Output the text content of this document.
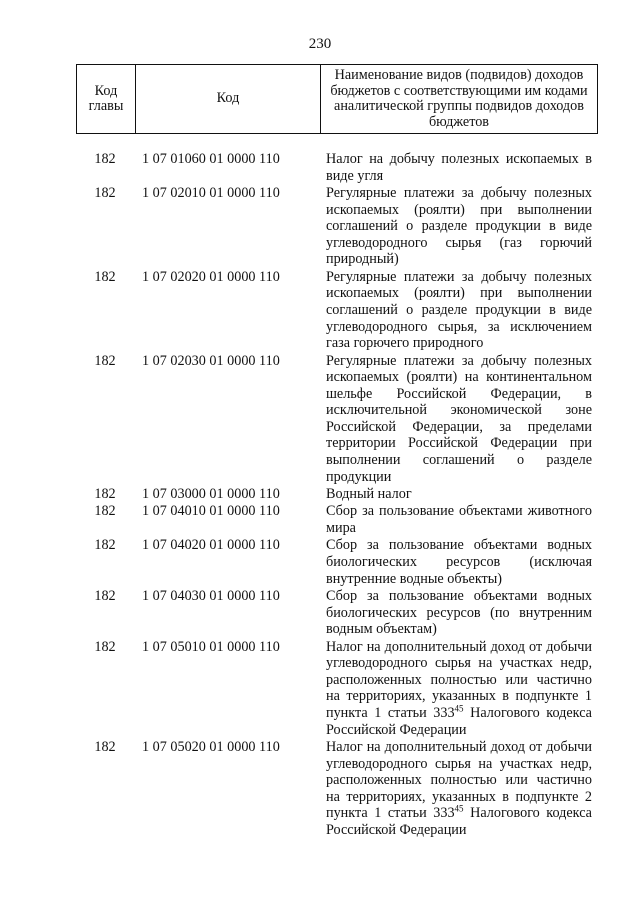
230
Код главы	Код	Наименование видов (подвидов) доходов бюджетов с соответствующими им кодами аналитической группы подвидов доходов бюджетов
182	1 07 01060 01 0000 110	Налог на добычу полезных ископаемых в виде угля
182	1 07 02010 01 0000 110	Регулярные платежи за добычу полезных ископаемых (роялти) при выполнении соглашений о разделе продукции в виде углеводородного сырья (газ горючий природный)
182	1 07 02020 01 0000 110	Регулярные платежи за добычу полезных ископаемых (роялти) при выполнении соглашений о разделе продукции в виде углеводородного сырья, за исключением газа горючего природного
182	1 07 02030 01 0000 110	Регулярные платежи за добычу полезных ископаемых (роялти) на континентальном шельфе Российской Федерации, в исключительной экономической зоне Российской Федерации, за пределами территории Российской Федерации при выполнении соглашений о разделе продукции
182	1 07 03000 01 0000 110	Водный налог
182	1 07 04010 01 0000 110	Сбор за пользование объектами животного мира
182	1 07 04020 01 0000 110	Сбор за пользование объектами водных биологических ресурсов (исключая внутренние водные объекты)
182	1 07 04030 01 0000 110	Сбор за пользование объектами водных биологических ресурсов (по внутренним водным объектам)
182	1 07 05010 01 0000 110	Налог на дополнительный доход от добычи углеводородного сырья на участках недр, расположенных полностью или частично на территориях, указанных в подпункте 1 пункта 1 статьи $333^{45}$ Налогового кодекса Российской Федерации
182	1 07 05020 01 0000 110	Налог на дополнительный доход от добычи углеводородного сырья на участках недр, расположенных полностью или частично на территориях, указанных в подпункте 2 пункта 1 статьи $333^{45}$ Налогового кодекса Российской Федерации
